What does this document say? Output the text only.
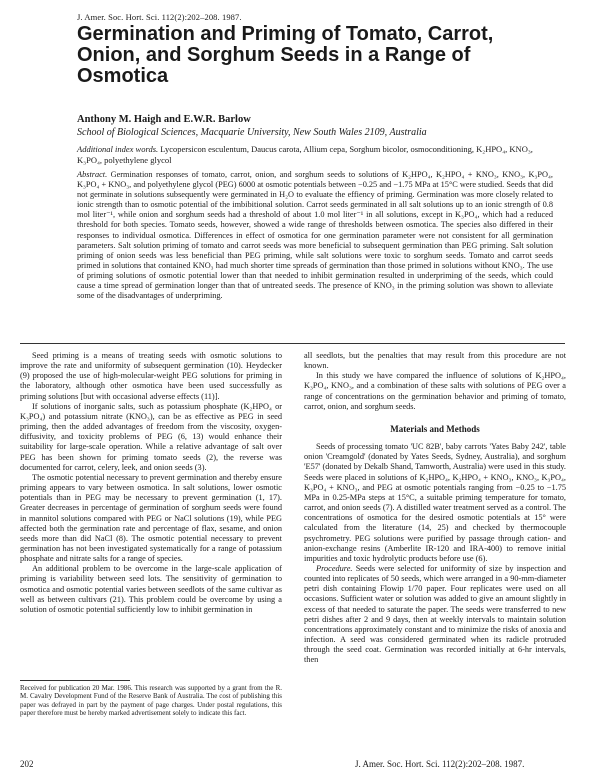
J. Amer. Soc. Hort. Sci. 112(2):202–208. 1987.
Germination and Priming of Tomato, Carrot, Onion, and Sorghum Seeds in a Range of Osmotica
Anthony M. Haigh and E.W.R. Barlow
School of Biological Sciences, Macquarie University, New South Wales 2109, Australia
Additional index words. Lycopersicon esculentum, Daucus carota, Allium cepa, Sorghum bicolor, osmoconditioning, K₂HPO₄, KNO₃, K₃PO₄, polyethylene glycol
Abstract. Germination responses of tomato, carrot, onion, and sorghum seeds to solutions of K₂HPO₄, K₂HPO₄ + KNO₃, KNO₃, K₃PO₄, K₃PO₄ + KNO₃, and polyethylene glycol (PEG) 6000 at osmotic potentials between −0.25 and −1.75 MPa at 15°C were studied. Seeds that did not germinate in solutions subsequently were germinated in H₂O to evaluate the effiency of priming. Germination was more closely related to ionic strength than to osmotic potential of the imbibitional solution. Carrot seeds germinated in all salt solutions up to an ionic strength of 0.8 mol liter⁻¹, while onion and sorghum seeds had a threshold of about 1.0 mol liter⁻¹ in all solutions, except in K₃PO₄, which had a reduced threshold for both species. Tomato seeds, however, showed a wide range of thresholds between osmotica. The species also differed in their responses to individual osmotica. Differences in effect of osmotica for one germination parameter were not consistent for all germination parameters. Salt solution priming of tomato and carrot seeds was more beneficial to subsequent germination than PEG priming. Salt solution priming of onion seeds was less beneficial than PEG priming, while salt solutions were toxic to sorghum seeds. Tomato and carrot seeds primed in solutions that contained KNO₃ had much shorter time spreads of germination than those primed in solutions without KNO₃. The use of priming solutions of osmotic potential lower than that needed to inhibit germination resulted in underpriming of the seeds, which could cause a time spread of germination longer than that of untreated seeds. The presence of KNO₃ in the priming solution was shown to alleviate some of the disadvantages of underpriming.

Seed priming is a means of treating seeds with osmotic solutions to improve the rate and uniformity of subsequent germination (10). Heydecker (9) proposed the use of high-molecular-weight PEG solutions for priming in the laboratory, although other osmotica have been used successfully as priming solutions [but with occasional adverse effects (11)].

If solutions of inorganic salts, such as potassium phosphate (K₂HPO₄ or K₃PO₄) and potassium nitrate (KNO₃), can be as effective as PEG in seed priming, then the added advantages of freedom from the viscosity, oxygen-diffusivity, and toxicity problems of PEG (6, 13) would enhance their suitability for large-scale operation. While a relative advantage of salt over PEG has been shown for priming tomato seeds (2), the reverse was documented for carrot, celery, leek, and onion seeds (3).

The osmotic potential necessary to prevent germination and thereby ensure priming appears to vary between osmotica. In salt solutions, lower osmotic potentials than in PEG may be necessary to prevent germination (1, 17). Greater decreases in percentage of germination of sorghum seeds were found in mannitol solutions compared with PEG or NaCl solutions (19), while PEG affected both the germination rate and percentage of flax, sesame, and onion seeds more than did NaCl (8). The osmotic potential necessary to prevent germination has not been investigated systematically for a range of potassium phosphate and nitrate salts for a range of species.

An additional problem to be overcome in the large-scale application of priming is variability between seed lots. The sensitivity of germination to osmotica and osmotic potential varies between seedlots of the same cultivar as well as between cultivars (21). This problem could be overcome by using a solution of osmotic potential sufficiently low to inhibit germination in

all seedlots, but the penalties that may result from this procedure are not known.

In this study we have compared the influence of solutions of K₂HPO₄, K₃PO₄, KNO₃, and a combination of these salts with solutions of PEG over a range of concentrations on the germination behavior and priming of tomato, carrot, onion, and sorghum seeds.

Materials and Methods

Seeds of processing tomato 'UC 82B', baby carrots 'Yates Baby 242', table onion 'Creamgold' (donated by Yates Seeds, Sydney, Australia), and sorghum 'E57' (donated by Dekalb Shand, Tamworth, Australia) were used in this study. Seeds were placed in solutions of K₂HPO₄, K₂HPO₄ + KNO₃, KNO₃, K₃PO₄, K₃PO₄ + KNO₃, and PEG at osmotic potentials ranging from −0.25 to −1.75 MPa in 0.25-MPa steps at 15°C, a suitable priming temperature for tomato, carrot, and onion seeds (7). A distilled water treatment served as a control. The concentrations of osmotica for the desired osmotic potentials at 15° were calculated from the literature (14, 25) and checked by thermocouple psychrometry. PEG solutions were purified by passage through cation- and anion-exchange resins (Amberlite IR-120 and IRA-400) to remove initial impurities and toxic hydrolytic products before use (6).

Procedure. Seeds were selected for uniformity of size by inspection and counted into replicates of 50 seeds, which were arranged in a 90-mm-diameter petri dish containing Flowip 1/70 paper. Four replicates were used on all occasions. Sufficient water or solution was added to give an amount slightly in excess of that needed to saturate the paper. The seeds were transferred to new petri dishes after 2 and 9 days, then at weekly intervals to maintain solution concentrations approximately constant and to minimize the risks of anoxia and infection. A seed was considered germinated when its radicle protruded through the seed coat. Germination was recorded initially at 6-hr intervals, then

Received for publication 20 Mar. 1986. This research was supported by a grant from the R. M. Cavalry Development Fund of the Reserve Bank of Australia. The cost of publishing this paper was defrayed in part by the payment of page charges. Under postal regulations, this paper therefore must be hereby marked advertisement solely to indicate this fact.
202	J. Amer. Soc. Hort. Sci. 112(2):202–208. 1987.
